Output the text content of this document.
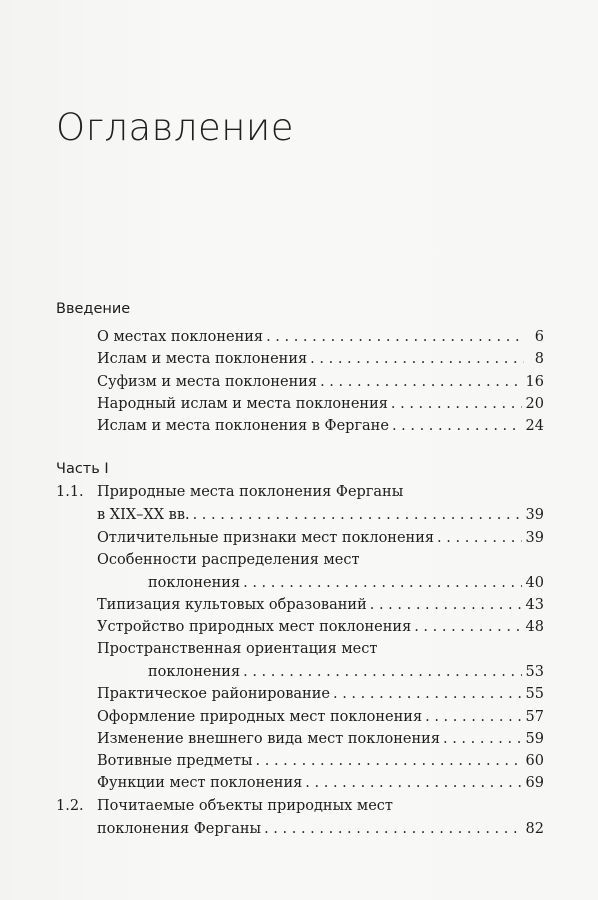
Оглавление
Введение
О местах поклонения . . .	6
Ислам и места поклонения . . .	8
Суфизм и места поклонения . . .	16
Народный ислам и места поклонения . . .	20
Ислам и места поклонения в Фергане . . .	24
Часть I
1.1. Природные места поклонения Ферганы
в XIX–XX вв. . . .	39
Отличительные признаки мест поклонения . . .	39
Особенности распределения мест
поклонения . . .	40
Типизация культовых образований . . .	43
Устройство природных мест поклонения . . .	48
Пространственная ориентация мест
поклонения . . .	53
Практическое районирование . . .	55
Оформление природных мест поклонения . . .	57
Изменение внешнего вида мест поклонения . . .	59
Вотивные предметы . . .	60
Функции мест поклонения . . .	69
1.2. Почитаемые объекты природных мест
поклонения Ферганы . . .	82
